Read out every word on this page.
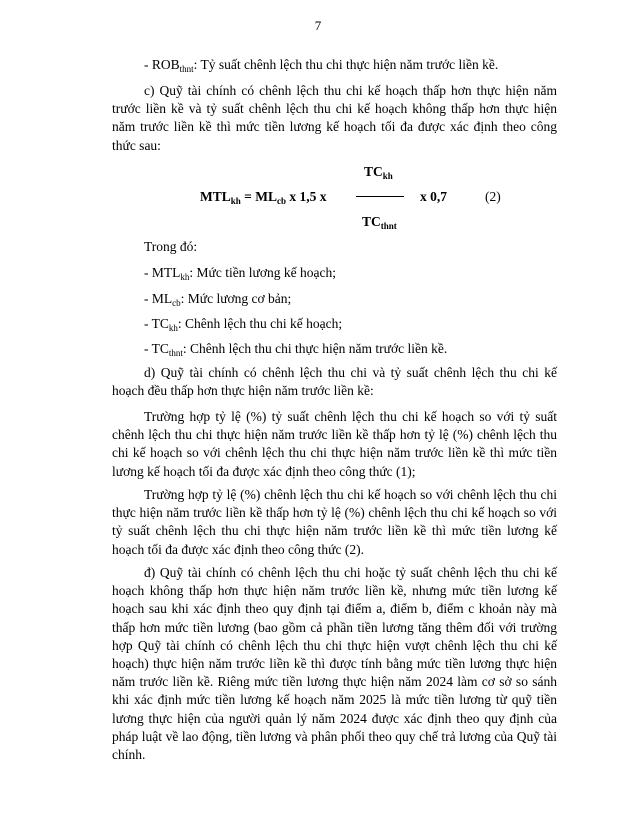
7
- $ROB_{thnt}$: Tỷ suất chênh lệch thu chi thực hiện năm trước liền kề.

c) Quỹ tài chính có chênh lệch thu chi kế hoạch thấp hơn thực hiện năm trước liền kề và tỷ suất chênh lệch thu chi kế hoạch không thấp hơn thực hiện năm trước liền kề thì mức tiền lương kế hoạch tối đa được xác định theo công thức sau:

$TC_{kh}$
$MTL_{kh} = ML_{cb}$ x 1,5 x	x 0,7
$TC_{thnt}$
(2)
Trong đó:
- $MTL_{kh}$: Mức tiền lương kế hoạch;
- $ML_{cb}$: Mức lương cơ bản;
- $TC_{kh}$: Chênh lệch thu chi kế hoạch;
- $TC_{thnt}$: Chênh lệch thu chi thực hiện năm trước liền kề.

d) Quỹ tài chính có chênh lệch thu chi và tỷ suất chênh lệch thu chi kế hoạch đều thấp hơn thực hiện năm trước liền kề:

Trường hợp tỷ lệ (%) tỷ suất chênh lệch thu chi kế hoạch so với tỷ suất chênh lệch thu chi thực hiện năm trước liền kề thấp hơn tỷ lệ (%) chênh lệch thu chi kế hoạch so với chênh lệch thu chi thực hiện năm trước liền kề thì mức tiền lương kế hoạch tối đa được xác định theo công thức (1);

Trường hợp tỷ lệ (%) chênh lệch thu chi kế hoạch so với chênh lệch thu chi thực hiện năm trước liền kề thấp hơn tỷ lệ (%) chênh lệch thu chi kế hoạch so với tỷ suất chênh lệch thu chi thực hiện năm trước liền kề thì mức tiền lương kế hoạch tối đa được xác định theo công thức (2).

đ) Quỹ tài chính có chênh lệch thu chi hoặc tỷ suất chênh lệch thu chi kế hoạch không thấp hơn thực hiện năm trước liền kề, nhưng mức tiền lương kế hoạch sau khi xác định theo quy định tại điểm a, điểm b, điểm c khoản này mà thấp hơn mức tiền lương (bao gồm cả phần tiền lương tăng thêm đối với trường hợp Quỹ tài chính có chênh lệch thu chi thực hiện vượt chênh lệch thu chi kế hoạch) thực hiện năm trước liền kề thì được tính bằng mức tiền lương thực hiện năm trước liền kề. Riêng mức tiền lương thực hiện năm 2024 làm cơ sở so sánh khi xác định mức tiền lương kế hoạch năm 2025 là mức tiền lương từ quỹ tiền lương thực hiện của người quản lý năm 2024 được xác định theo quy định của pháp luật về lao động, tiền lương và phân phối theo quy chế trả lương của Quỹ tài chính.
